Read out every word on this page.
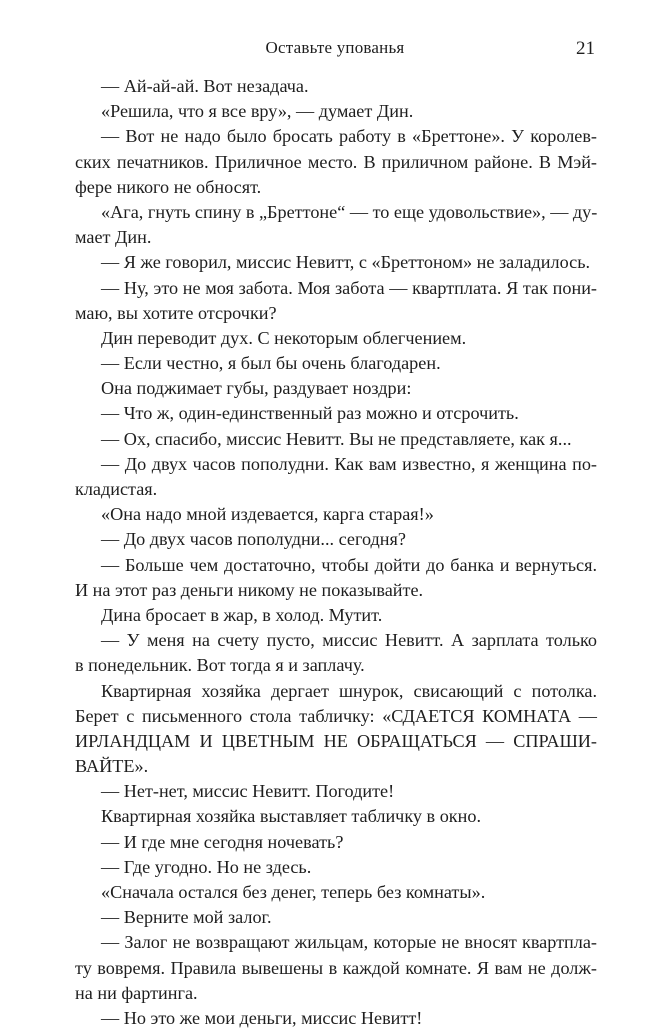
Оставьте упованья	21
— Ай-ай-ай. Вот незадача.
«Решила, что я все вру», — думает Дин.
— Вот не надо было бросать работу в «Бреттоне». У королев-
ских печатников. Приличное место. В приличном районе. В Мэй-
фере никого не обносят.
«Ага, гнуть спину в „Бреттоне“ — то еще удовольствие», — ду-
мает Дин.
— Я же говорил, миссис Невитт, с «Бреттоном» не заладилось.
— Ну, это не моя забота. Моя забота — квартплата. Я так пони-
маю, вы хотите отсрочки?
Дин переводит дух. С некоторым облегчением.
— Если честно, я был бы очень благодарен.
Она поджимает губы, раздувает ноздри:
— Что ж, один-единственный раз можно и отсрочить.
— Ох, спасибо, миссис Невитт. Вы не представляете, как я...
— До двух часов пополудни. Как вам известно, я женщина по-
кладистая.
«Она надо мной издевается, карга старая!»
— До двух часов пополудни... сегодня?
— Больше чем достаточно, чтобы дойти до банка и вернуться.
И на этот раз деньги никому не показывайте.
Дина бросает в жар, в холод. Мутит.
— У меня на счету пусто, миссис Невитт. А зарплата только
в понедельник. Вот тогда я и заплачу.
Квартирная хозяйка дергает шнурок, свисающий с потолка.
Берет с письменного стола табличку: «СДАЕТСЯ КОМНАТА —
ИРЛАНДЦАМ И ЦВЕТНЫМ НЕ ОБРАЩАТЬСЯ — СПРАШИ-
ВАЙТЕ».
— Нет-нет, миссис Невитт. Погодите!
Квартирная хозяйка выставляет табличку в окно.
— И где мне сегодня ночевать?
— Где угодно. Но не здесь.
«Сначала остался без денег, теперь без комнаты».
— Верните мой залог.
— Залог не возвращают жильцам, которые не вносят квартпла-
ту вовремя. Правила вывешены в каждой комнате. Я вам не долж-
на ни фартинга.
— Но это же мои деньги, миссис Невитт!
